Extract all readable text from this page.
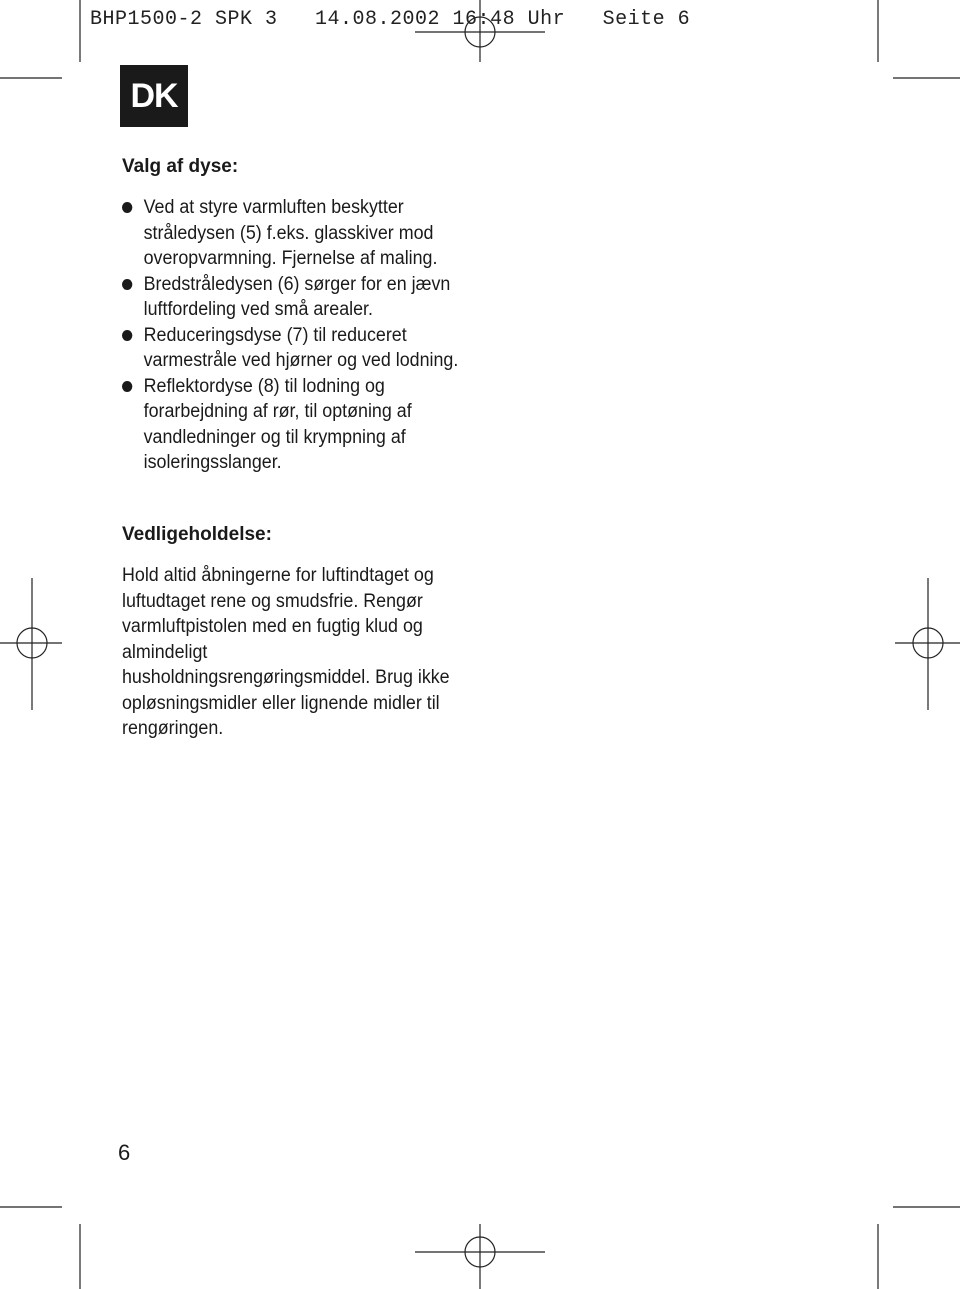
BHP1500-2 SPK 3   14.08.2002 16:48 Uhr   Seite 6
DK
Valg af dyse:
Ved at styre varmluften beskytter stråledysen (5) f.eks. glasskiver mod overopvarmning. Fjernelse af maling.
Bredstråledysen (6) sørger for en jævn luftfordeling ved små arealer.
Reduceringsdyse (7) til reduceret varmestråle ved hjørner og ved lodning.
Reflektordyse (8) til lodning og forarbejdning af rør, til optøning af vandledninger og til krympning af isoleringsslanger.
Vedligeholdelse:

Hold altid åbningerne for luftindtaget og luftudtaget rene og smudsfrie. Rengør varmluftpistolen med en fugtig klud og almindeligt husholdningsrengøringsmiddel. Brug ikke opløsningsmidler eller lignende midler til rengøringen.

6
